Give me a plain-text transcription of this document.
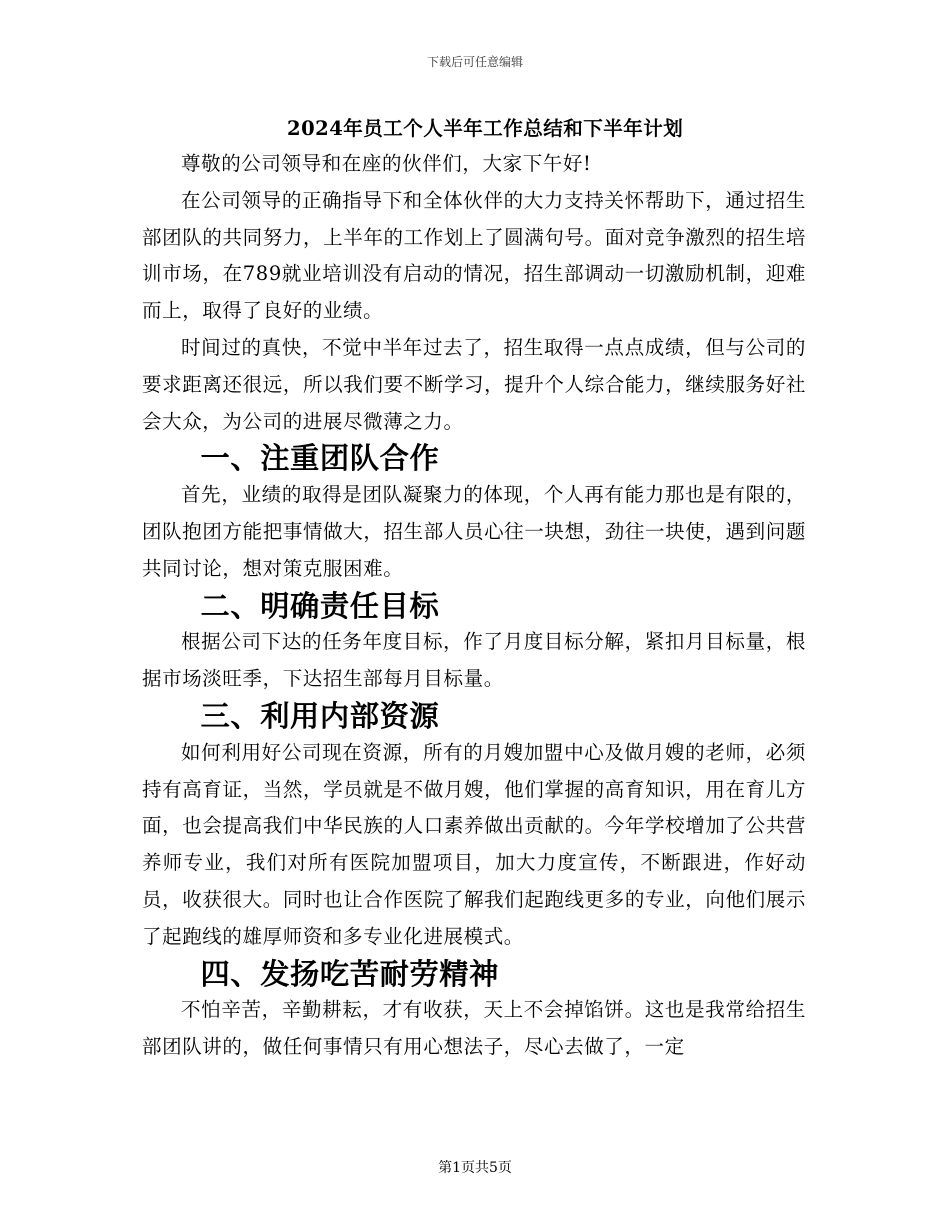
下载后可任意编辑
2024年员工个人半年工作总结和下半年计划

尊敬的公司领导和在座的伙伴们，大家下午好!

在公司领导的正确指导下和全体伙伴的大力支持关怀帮助下，通过招生部团队的共同努力，上半年的工作划上了圆满句号。面对竞争激烈的招生培训市场，在789就业培训没有启动的情况，招生部调动一切激励机制，迎难而上，取得了良好的业绩。

时间过的真快，不觉中半年过去了，招生取得一点点成绩，但与公司的要求距离还很远，所以我们要不断学习，提升个人综合能力，继续服务好社会大众，为公司的进展尽微薄之力。

一、注重团队合作

首先，业绩的取得是团队凝聚力的体现，个人再有能力那也是有限的，团队抱团方能把事情做大，招生部人员心往一块想，劲往一块使，遇到问题共同讨论，想对策克服困难。

二、明确责任目标

根据公司下达的任务年度目标，作了月度目标分解，紧扣月目标量，根据市场淡旺季，下达招生部每月目标量。

三、利用内部资源

如何利用好公司现在资源，所有的月嫂加盟中心及做月嫂的老师，必须持有高育证，当然，学员就是不做月嫂，他们掌握的高育知识，用在育儿方面，也会提高我们中华民族的人口素养做出贡献的。今年学校增加了公共营养师专业，我们对所有医院加盟项目，加大力度宣传，不断跟进，作好动员，收获很大。同时也让合作医院了解我们起跑线更多的专业，向他们展示了起跑线的雄厚师资和多专业化进展模式。

四、发扬吃苦耐劳精神

不怕辛苦，辛勤耕耘，才有收获，天上不会掉馅饼。这也是我常给招生部团队讲的，做任何事情只有用心想法子，尽心去做了，一定

第1页共5页
